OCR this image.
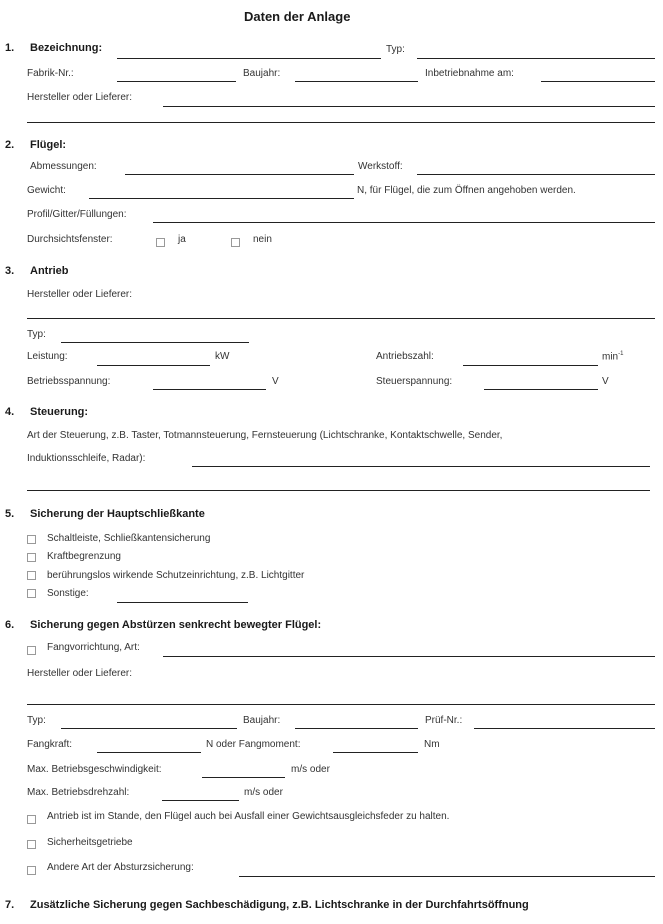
Daten der Anlage
1. Bezeichnung:	Typ:
Fabrik-Nr.:	Baujahr:	Inbetriebnahme am:
Hersteller oder Lieferer:
2. Flügel:
Abmessungen:	Werkstoff:
Gewicht:	N, für Flügel, die zum Öffnen angehoben werden.
Profil/Gitter/Füllungen:
Durchsichtsfenster:	ja	nein
3. Antrieb
Hersteller oder Lieferer:
Typ:
Leistung:	kW	Antriebszahl:	$\min^{-1}$
Betriebsspannung:	V	Steuerspannung:	V
4. Steuerung:
Art der Steuerung, z.B. Taster, Totmannsteuerung, Fernsteuerung (Lichtschranke, Kontaktschwelle, Sender,
Induktionsschleife, Radar):
5. Sicherung der Hauptschließkante
Schaltleiste, Schließkantensicherung
Kraftbegrenzung
berührungslos wirkende Schutzeinrichtung, z.B. Lichtgitter
Sonstige:
6. Sicherung gegen Abstürzen senkrecht bewegter Flügel:
Fangvorrichtung, Art:
Hersteller oder Lieferer:
Typ:	Baujahr:	Prüf-Nr.:
Fangkraft:	N oder Fangmoment:	Nm
Max. Betriebsgeschwindigkeit:	m/s oder
Max. Betriebsdrehzahl:	m/s oder
Antrieb ist im Stande, den Flügel auch bei Ausfall einer Gewichtsausgleichsfeder zu halten.
Sicherheitsgetriebe
Andere Art der Absturzsicherung:
7. Zusätzliche Sicherung gegen Sachbeschädigung, z.B. Lichtschranke in der Durchfahrtsöffnung
